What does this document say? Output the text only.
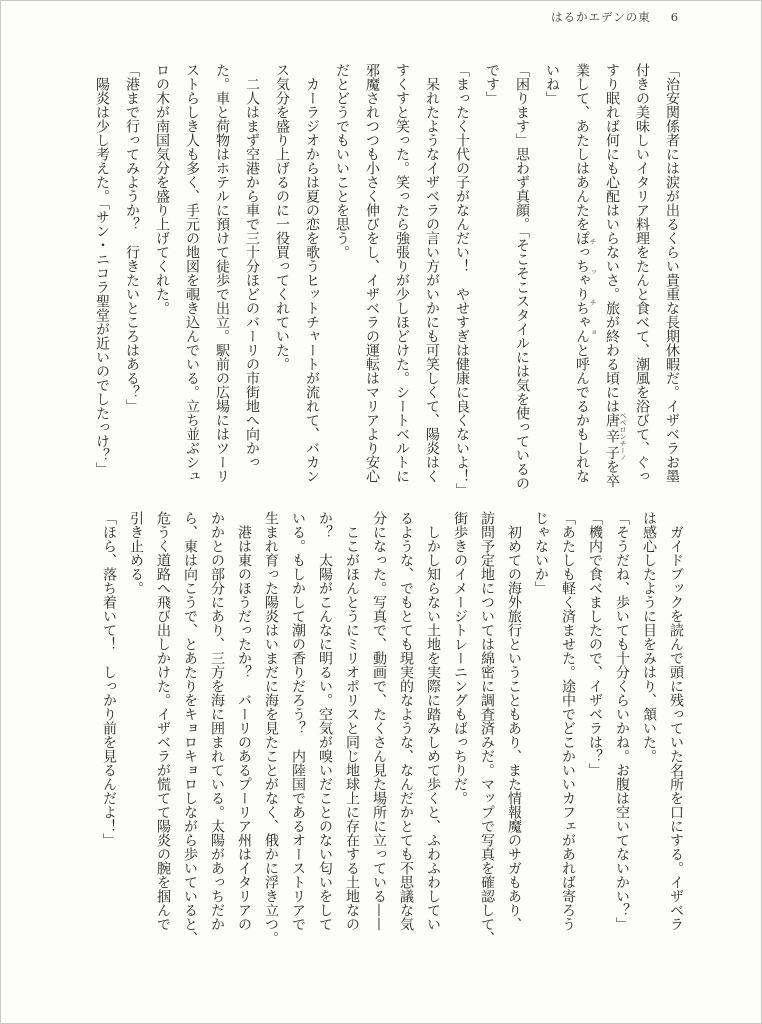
はるかエデンの東 6
「治安関係者には涙が出るくらい貴重な長期休暇だ。イザベラお墨
付きの美味しいイタリア料理をたんと食べて、潮風を浴びて、ぐっ
すり眠れば何にも心配はいらないさ。旅が終わる頃には唐辛子 ペペロンチーノを卒
業して、あたしはあんたをぽっちゃりちゃん チッチョと呼んでるかもしれな
いね」
「困ります」思わず真顔。「そこそこスタイルには気を使っているの
です」
「まったく十代の子がなんだい！　やせすぎは健康に良くないよ！」
呆れたようなイザベラの言い方がいかにも可笑しくて、陽炎はく
すくすと笑った。笑ったら強張りが少しほどけた。シートベルトに
邪魔されつつも小さく伸びをし、イザベラの運転はマリアより安心
だとどうでもいいことを思う。
カーラジオからは夏の恋を歌うヒットチャートが流れて、バカン
ス気分を盛り上げるのに一役買ってくれていた。
二人はまず空港から車で三十分ほどのバーリの市街地へ向かっ
た。車と荷物はホテルに預けて徒歩で出立。駅前の広場にはツーリ
ストらしき人も多く、手元の地図を覗き込んでいる。立ち並ぶシュ
ロの木が南国気分を盛り上げてくれた。
「港まで行ってみようか？　行きたいところはある？」
陽炎は少し考えた。「サン・ニコラ聖堂が近いのでしたっけ？」
ガイドブックを読んで頭に残っていた名所を口にする。イザベラ
は感心したように目をみはり、頷いた。
「そうだね、歩いても十分くらいかね。お腹は空いてないかい？」
「機内で食べましたので、イザベラは？」
「あたしも軽く済ませた。途中でどこかいいカフェがあれば寄ろう
じゃないか」
初めての海外旅行ということもあり、また情報魔のサガもあり、
訪問予定地については綿密に調査済みだ。マップで写真を確認して、
街歩きのイメージトレーニングもばっちりだ。
しかし知らない土地を実際に踏みしめて歩くと、ふわふわしてい
るような、でもとても現実的なような、なんだかとても不思議な気
分になった。写真で、動画で、たくさん見た場所に立っている——
ここがほんとうにミリオポリスと同じ地球上に存在する土地なの
か？　太陽がこんなに明るい。空気が嗅いだことのない匂いをして
いる。もしかして潮の香りだろう？　内陸国であるオーストリアで
生まれ育った陽炎はいまだに海を見たことがなく、俄かに浮き立つ。
港は東のほうだったか？　バーリのあるプーリア州はイタリアの
かかとの部分にあり、三方を海に囲まれている。太陽があっちだか
ら、東は向こうで、とあたりをキョロキョロしながら歩いていると、
危うく道路へ飛び出しかけた。イザベラが慌てて陽炎の腕を掴んで
引き止める。
「ほら、落ち着いて！　しっかり前を見るんだよ！」
